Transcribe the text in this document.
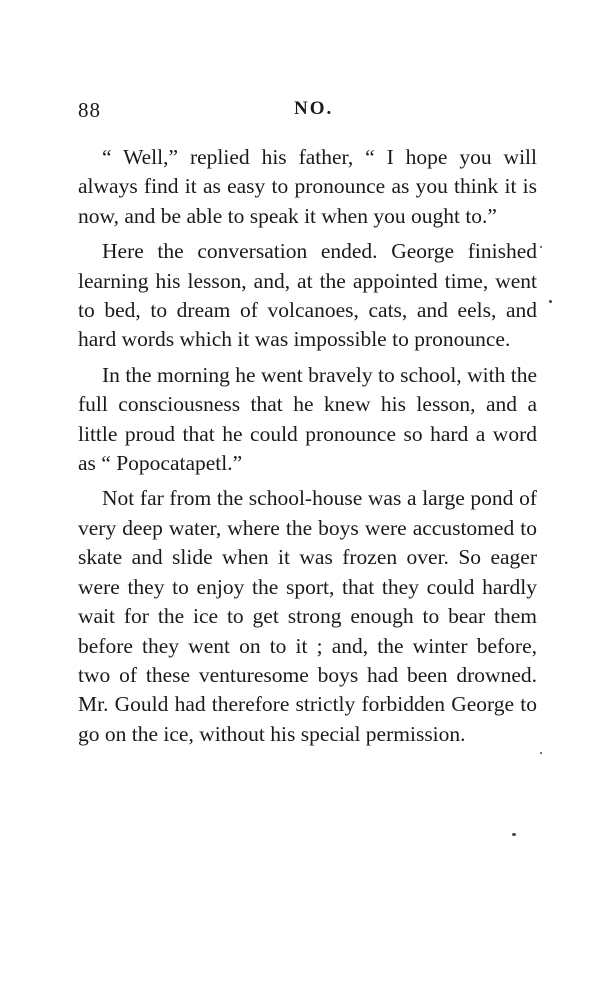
88	NO.

“ Well,” replied his father, “ I hope you will always find it as easy to pronounce as you think it is now, and be able to speak it when you ought to.”

Here the conversation ended. George finished learning his lesson, and, at the appointed time, went to bed, to dream of volcanoes, cats, and eels, and hard words which it was impossible to pronounce.

In the morning he went bravely to school, with the full consciousness that he knew his lesson, and a little proud that he could pronounce so hard a word as “ Popocatapetl.”

Not far from the school-house was a large pond of very deep water, where the boys were accustomed to skate and slide when it was frozen over. So eager were they to enjoy the sport, that they could hardly wait for the ice to get strong enough to bear them before they went on to it ; and, the winter before, two of these venturesome boys had been drowned. Mr. Gould had therefore strictly forbidden George to go on the ice, without his special permission.
